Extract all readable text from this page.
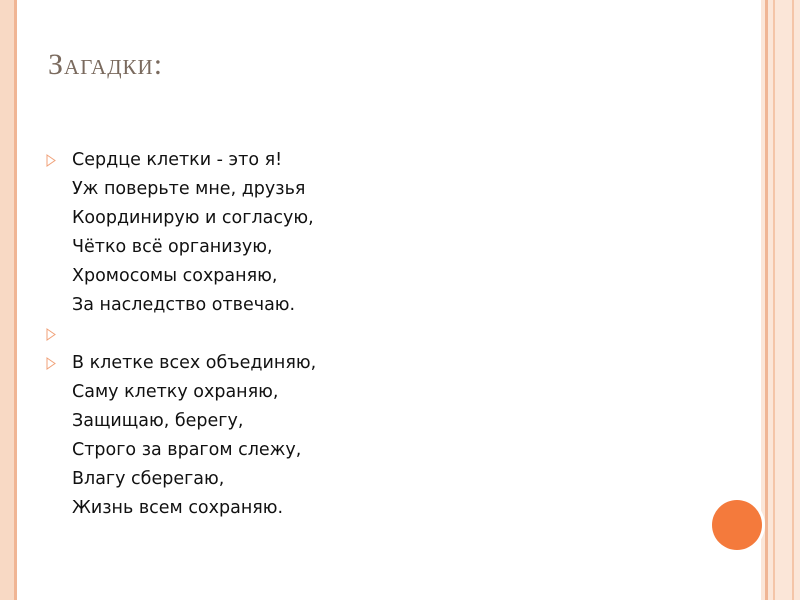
Загадки:
Сердце клетки - это я!
Уж поверьте мне, друзья
Координирую и согласую,
Чётко всё организую,
Хромосомы сохраняю,
За наследство отвечаю.
В клетке всех объединяю,
Саму клетку охраняю,
Защищаю, берегу,
Строго за врагом слежу,
Влагу сберегаю,
Жизнь всем сохраняю.
